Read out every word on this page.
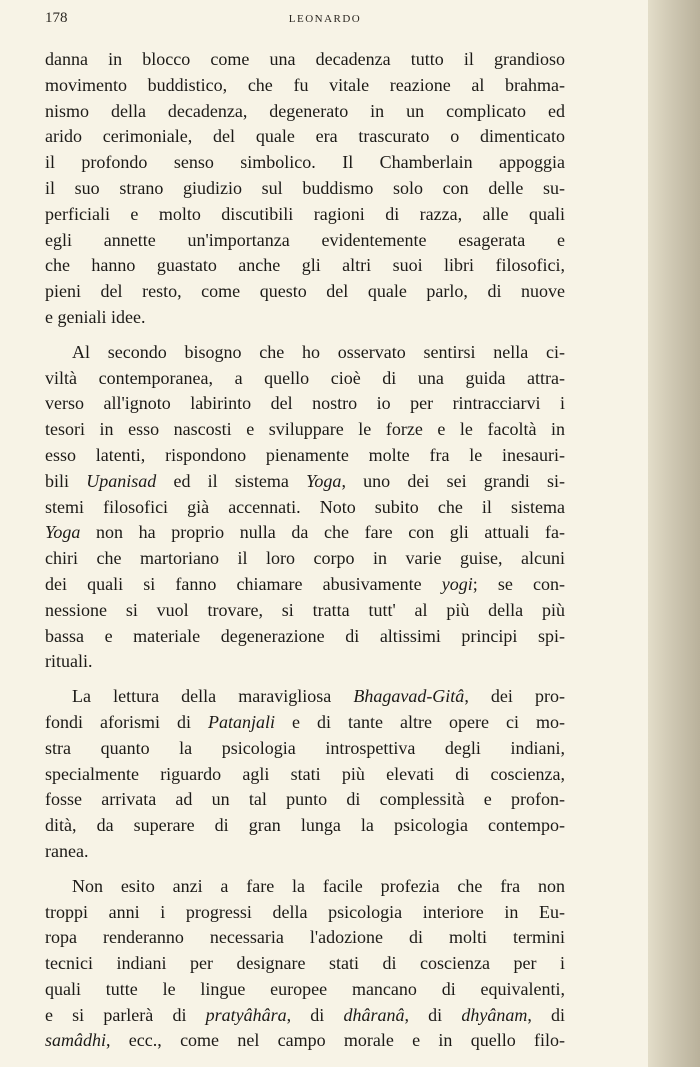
178	LEONARDO
danna in blocco come una decadenza tutto il grandioso
movimento buddistico, che fu vitale reazione al brahma-
nismo della decadenza, degenerato in un complicato ed
arido cerimoniale, del quale era trascurato o dimenticato
il profondo senso simbolico. Il Chamberlain appoggia
il suo strano giudizio sul buddismo solo con delle su-
perficiali e molto discutibili ragioni di razza, alle quali
egli annette un'importanza evidentemente esagerata e
che hanno guastato anche gli altri suoi libri filosofici,
pieni del resto, come questo del quale parlo, di nuove
e geniali idee.
Al secondo bisogno che ho osservato sentirsi nella ci-
viltà contemporanea, a quello cioè di una guida attra-
verso all'ignoto labirinto del nostro io per rintracciarvi i
tesori in esso nascosti e sviluppare le forze e le facoltà in
esso latenti, rispondono pienamente molte fra le inesauri-
bili Upanisad ed il sistema Yoga, uno dei sei grandi si-
stemi filosofici già accennati. Noto subito che il sistema
Yoga non ha proprio nulla da che fare con gli attuali fa-
chiri che martoriano il loro corpo in varie guise, alcuni
dei quali si fanno chiamare abusivamente yogi; se con-
nessione si vuol trovare, si tratta tutt' al più della più
bassa e materiale degenerazione di altissimi principi spi-
rituali.
La lettura della maravigliosa Bhagavad-Gitâ, dei pro-
fondi aforismi di Patanjali e di tante altre opere ci mo-
stra quanto la psicologia introspettiva degli indiani,
specialmente riguardo agli stati più elevati di coscienza,
fosse arrivata ad un tal punto di complessità e profon-
dità, da superare di gran lunga la psicologia contempo-
ranea.
Non esito anzi a fare la facile profezia che fra non
troppi anni i progressi della psicologia interiore in Eu-
ropa renderanno necessaria l'adozione di molti termini
tecnici indiani per designare stati di coscienza per i
quali tutte le lingue europee mancano di equivalenti,
e si parlerà di pratyâhâra, di dhâranâ, di dhyânam, di
samâdhi, ecc., come nel campo morale e in quello filo-
